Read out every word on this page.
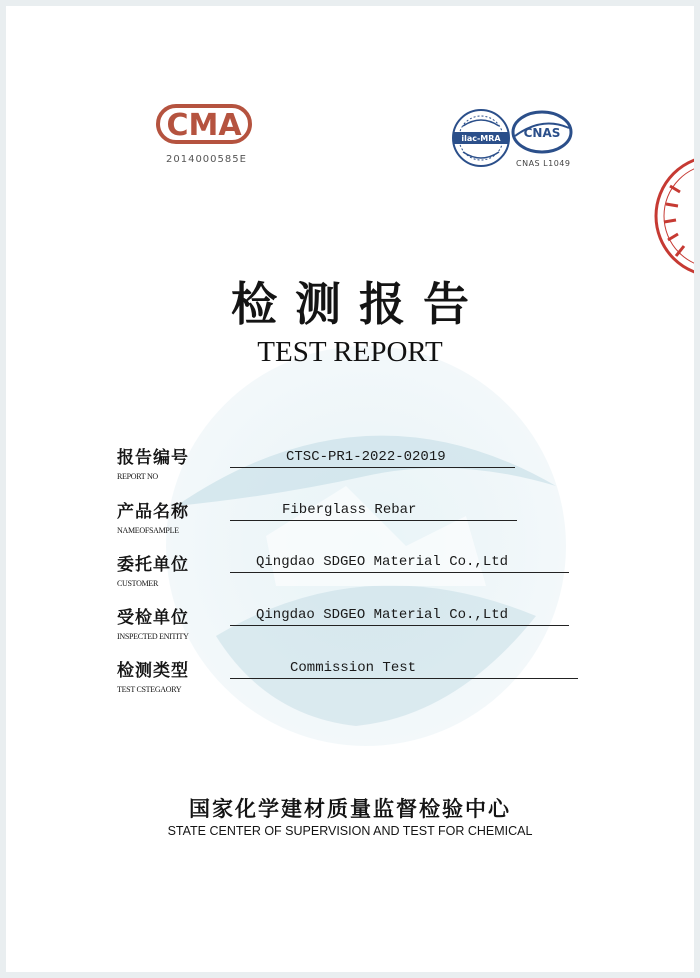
CMA
2014000585E
ilac-MRA CNAS
CNAS L1049
检测报告
TEST REPORT
报告编号
REPORT NO
CTSC-PR1-2022-02019
产品名称
NAMEOFSAMPLE
Fiberglass Rebar
委托单位
CUSTOMER
Qingdao SDGEO Material Co.,Ltd
受检单位
INSPECTED ENITITY
Qingdao SDGEO Material Co.,Ltd
检测类型
TEST CSTEGAORY
Commission Test
国家化学建材质量监督检验中心
STATE CENTER OF SUPERVISION AND TEST FOR CHEMICAL
